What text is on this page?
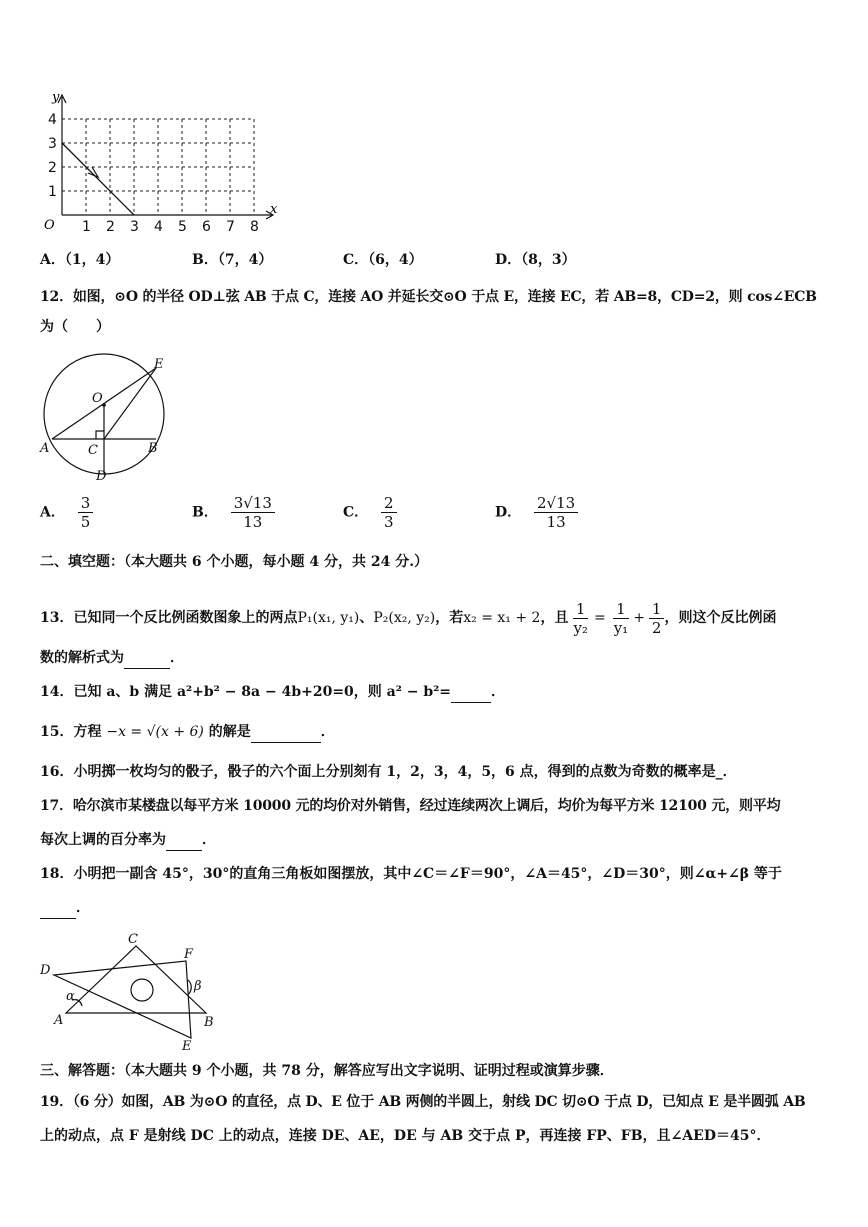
x
y
O 1 2 3 4 5 6 7 8
1
2
3
4
A．（1，4）	B．（7，4）	C．（6，4）	D．（8，3）
12．如图，⊙O 的半径 OD⊥弦 AB 于点 C，连接 AO 并延长交⊙O 于点 E，连接 EC，若 AB=8，CD=2，则 cos∠ECB
为（　　）
E
O
A	C	B
D
A． $\frac{3}{5}$	B． $\frac{3√13}{13}$	C． $\frac{2}{3}$	D． $\frac{2√13}{13}$
二、填空题：（本大题共 6 个小题，每小题 4 分，共 24 分.）
13．已知同一个反比例函数图象上的两点 P₁(x₁, y₁) 、 P₂(x₂, y₂) ，若 x₂ = x₁ + 2 ，且 $\frac{1}{\text{y₂}} = \frac{1}{\text{y₁}} + \frac{1}{2}$ ，则这个反比例函
数的解析式为	．
14．已知 a、b 满足 a²+b² − 8a − 4b+20=0，则 a² − b²=	．
15．方程 −x = √(x + 6) 的解是	．
16．小明掷一枚均匀的骰子，骰子的六个面上分别刻有 1，2，3，4，5，6 点，得到的点数为奇数的概率是_．
17．哈尔滨市某楼盘以每平方米 10000 元的均价对外销售，经过连续两次上调后，均价为每平方米 12100 元，则平均
每次上调的百分率为	．
18．小明把一副含 45°，30°的直角三角板如图摆放，其中∠C＝∠F＝90°，∠A＝45°，∠D＝30°，则∠α+∠β 等于
．
C
F
D
α
β
A	B
E
三、解答题：（本大题共 9 个小题，共 78 分，解答应写出文字说明、证明过程或演算步骤．
19．（6 分）如图，AB 为⊙O 的直径，点 D、E 位于 AB 两侧的半圆上，射线 DC 切⊙O 于点 D，已知点 E 是半圆弧 AB
上的动点，点 F 是射线 DC 上的动点，连接 DE、AE，DE 与 AB 交于点 P，再连接 FP、FB，且∠AED＝45°．
